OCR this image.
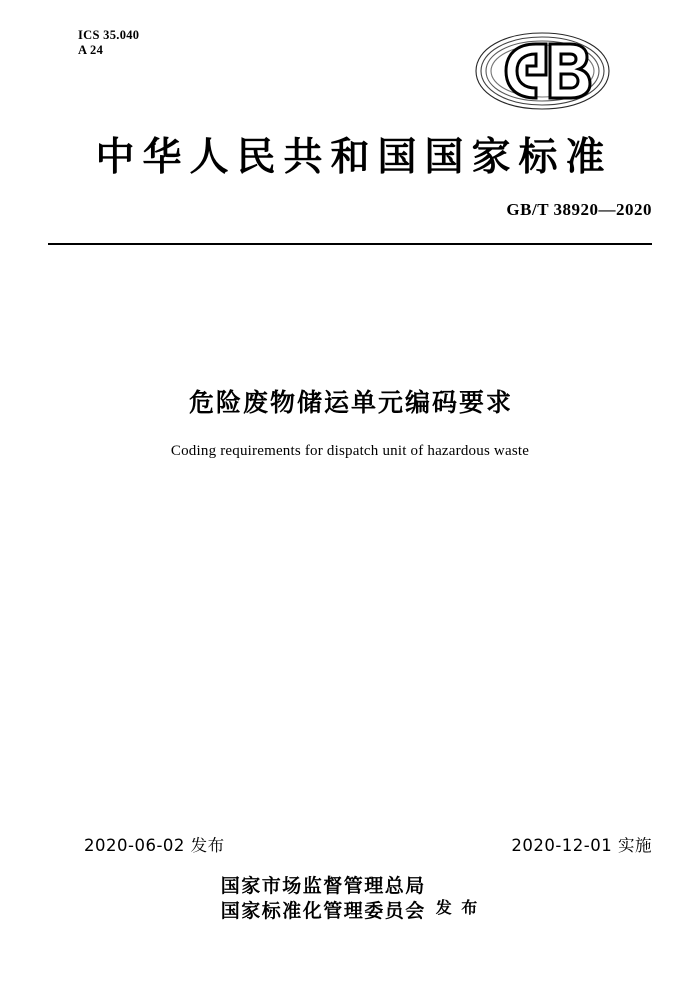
ICS 35.040
A 24
中华人民共和国国家标准
GB/T 38920—2020
危险废物储运单元编码要求
Coding requirements for dispatch unit of hazardous waste
2020-06-02 发布	2020-12-01 实施
国家市场监督管理总局
国家标准化管理委员会 发 布
